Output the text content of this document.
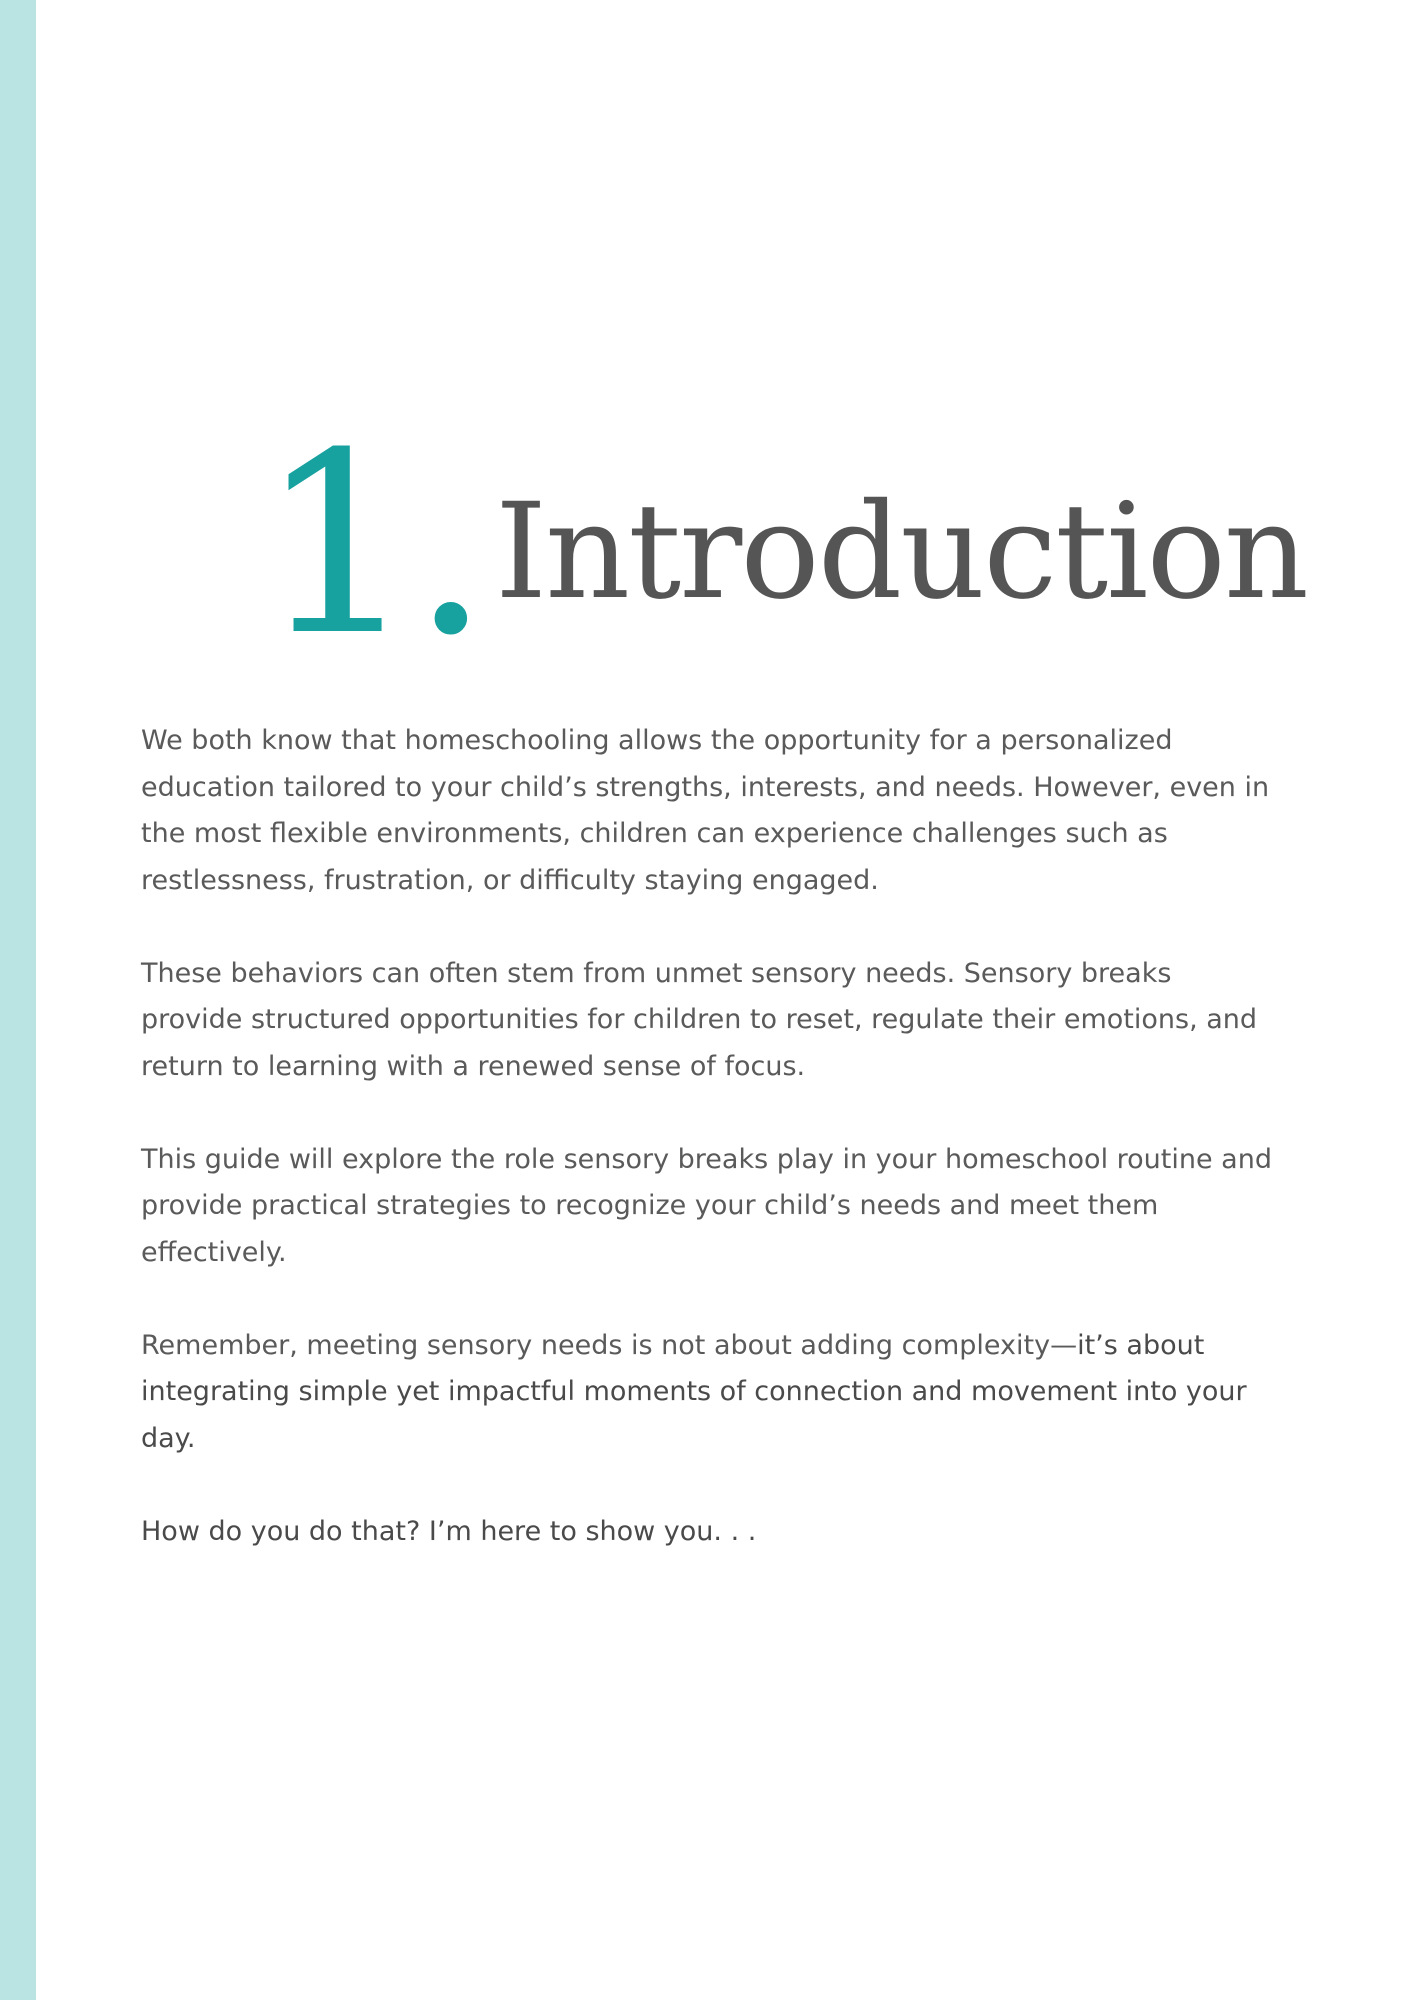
1. Introduction

We both know that homeschooling allows the opportunity for a personalized education tailored to your child’s strengths, interests, and needs. However, even in the most flexible environments, children can experience challenges such as restlessness, frustration, or difficulty staying engaged.

These behaviors can often stem from unmet sensory needs. Sensory breaks provide structured opportunities for children to reset, regulate their emotions, and return to learning with a renewed sense of focus.

This guide will explore the role sensory breaks play in your homeschool routine and provide practical strategies to recognize your child’s needs and meet them effectively.

Remember, meeting sensory needs is not about adding complexity—it’s about integrating simple yet impactful moments of connection and movement into your day.

How do you do that? I’m here to show you. . .
